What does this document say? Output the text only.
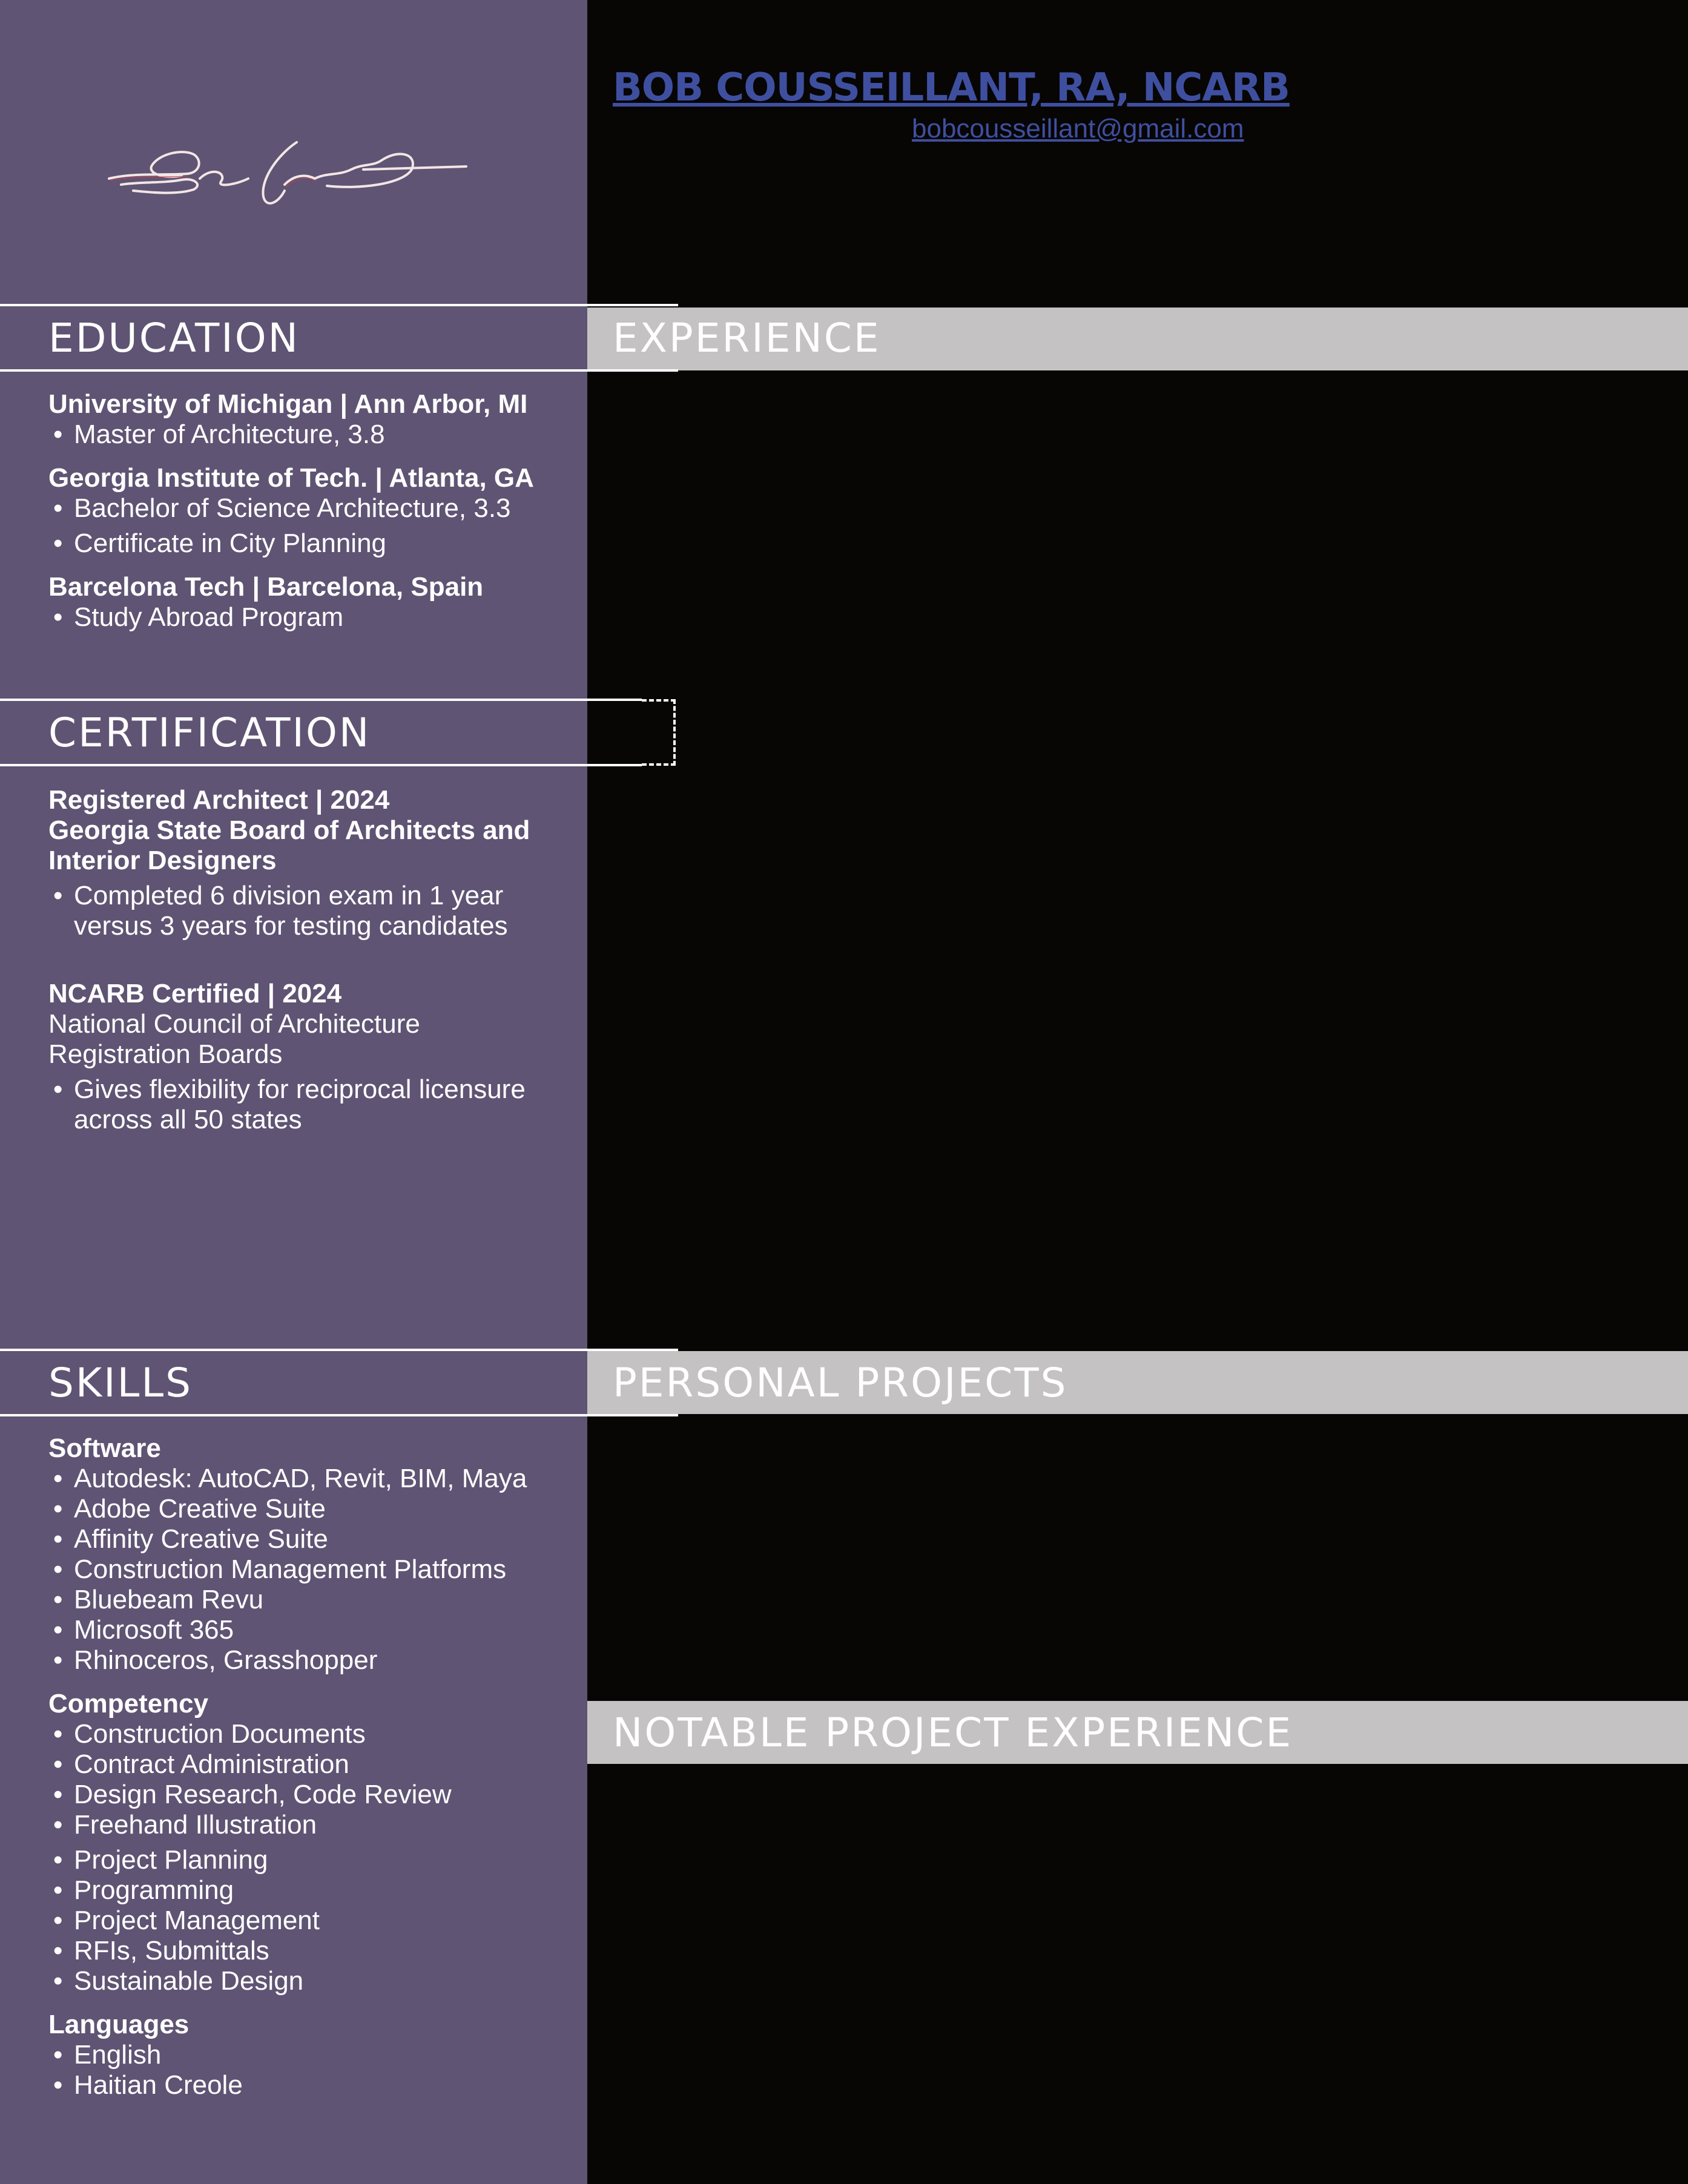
BOB COUSSEILLANT, RA, NCARB
bobcousseillant@gmail.com
EDUCATION	EXPERIENCE
University of Michigan | Ann Arbor, MI
• Master of Architecture, 3.8
Georgia Institute of Tech. | Atlanta, GA
• Bachelor of Science Architecture, 3.3
• Certificate in City Planning
Barcelona Tech | Barcelona, Spain
• Study Abroad Program
CERTIFICATION
Registered Architect | 2024
Georgia State Board of Architects and
Interior Designers
• Completed 6 division exam in 1 year
versus 3 years for testing candidates
NCARB Certified | 2024
National Council of Architecture
Registration Boards
• Gives flexibility for reciprocal licensure
across all 50 states
SKILLS	PERSONAL PROJECTS
Software
• Autodesk: AutoCAD, Revit, BIM, Maya
• Adobe Creative Suite
• Affinity Creative Suite
• Construction Management Platforms
• Bluebeam Revu
• Microsoft 365
• Rhinoceros, Grasshopper
Competency
• Construction Documents
• Contract Administration
• Design Research, Code Review
• Freehand Illustration
• Project Planning
• Programming
• Project Management
• RFIs, Submittals
• Sustainable Design
Languages
• English
• Haitian Creole
NOTABLE PROJECT EXPERIENCE
